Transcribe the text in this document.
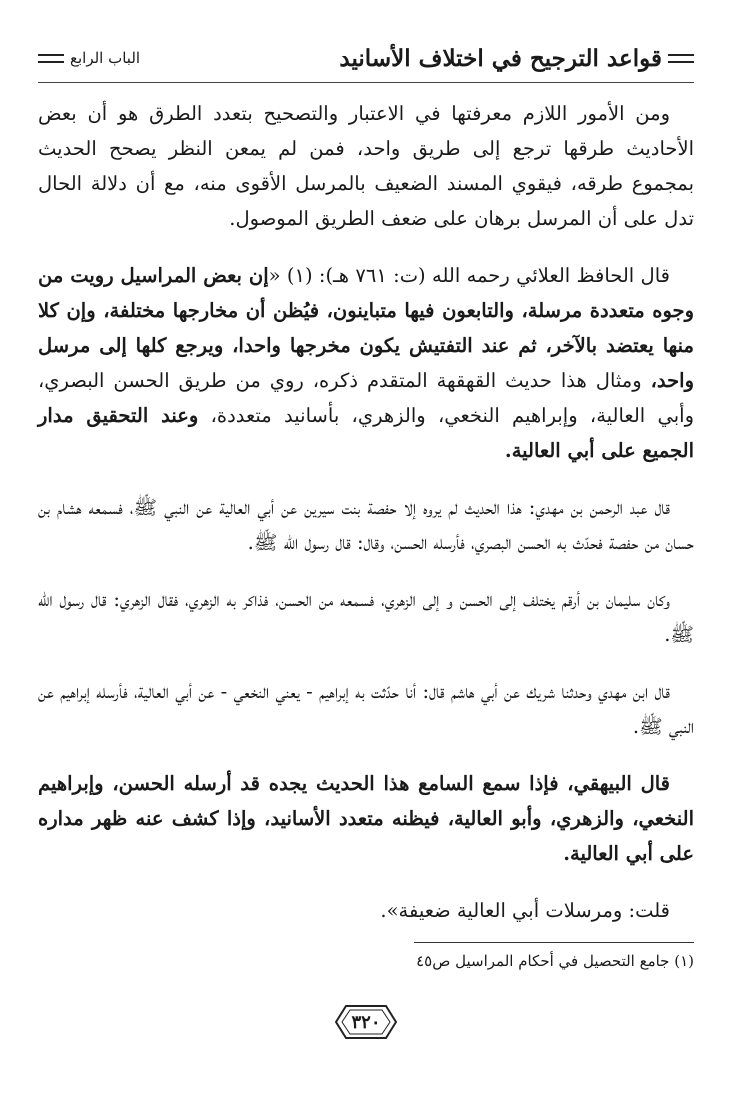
قواعد الترجيح في اختلاف الأسانيد
الباب الرابع

ومن الأمور اللازم معرفتها في الاعتبار والتصحيح بتعدد الطرق هو أن بعض الأحاديث طرقها ترجع إلى طريق واحد، فمن لم يمعن النظر يصحح الحديث بمجموع طرقه، فيقوي المسند الضعيف بالمرسل الأقوى منه، مع أن دلالة الحال تدل على أن المرسل برهان على ضعف الطريق الموصول.

قال الحافظ العلائي رحمه الله (ت: ٧٦١ هـ): (١) «إن بعض المراسيل رويت من وجوه متعددة مرسلة، والتابعون فيها متباينون، فيُظن أن مخارجها مختلفة، وإن كلا منها يعتضد بالآخر، ثم عند التفتيش يكون مخرجها واحدا، ويرجع كلها إلى مرسل واحد، ومثال هذا حديث القهقهة المتقدم ذكره، روي من طريق الحسن البصري، وأبي العالية، وإبراهيم النخعي، والزهري، بأسانيد متعددة، وعند التحقيق مدار الجميع على أبي العالية.

قال عبد الرحمن بن مهدي: هذا الحديث لم يروه إلا حفصة بنت سيرين عن أبي العالية عن النبي ﷺ، فسمعه هشام بن حسان من حفصة فحدّث به الحسن البصري، فأرسله الحسن، وقال: قال رسول الله ﷺ.

وكان سليمان بن أرقم يختلف إلى الحسن و إلى الزهري، فسمعه من الحسن، فذاكر به الزهري، فقال الزهري: قال رسول الله ﷺ.

قال ابن مهدي وحدثنا شريك عن أبي هاشم قال: أنا حدّثت به إبراهيم - يعني النخعي - عن أبي العالية، فأرسله إبراهيم عن النبي ﷺ.

قال البيهقي، فإذا سمع السامع هذا الحديث يجده قد أرسله الحسن، وإبراهيم النخعي، والزهري، وأبو العالية، فيظنه متعدد الأسانيد، وإذا كشف عنه ظهر مداره على أبي العالية.

قلت: ومرسلات أبي العالية ضعيفة».

(١) جامع التحصيل في أحكام المراسيل ص٤٥

٣٢٠
